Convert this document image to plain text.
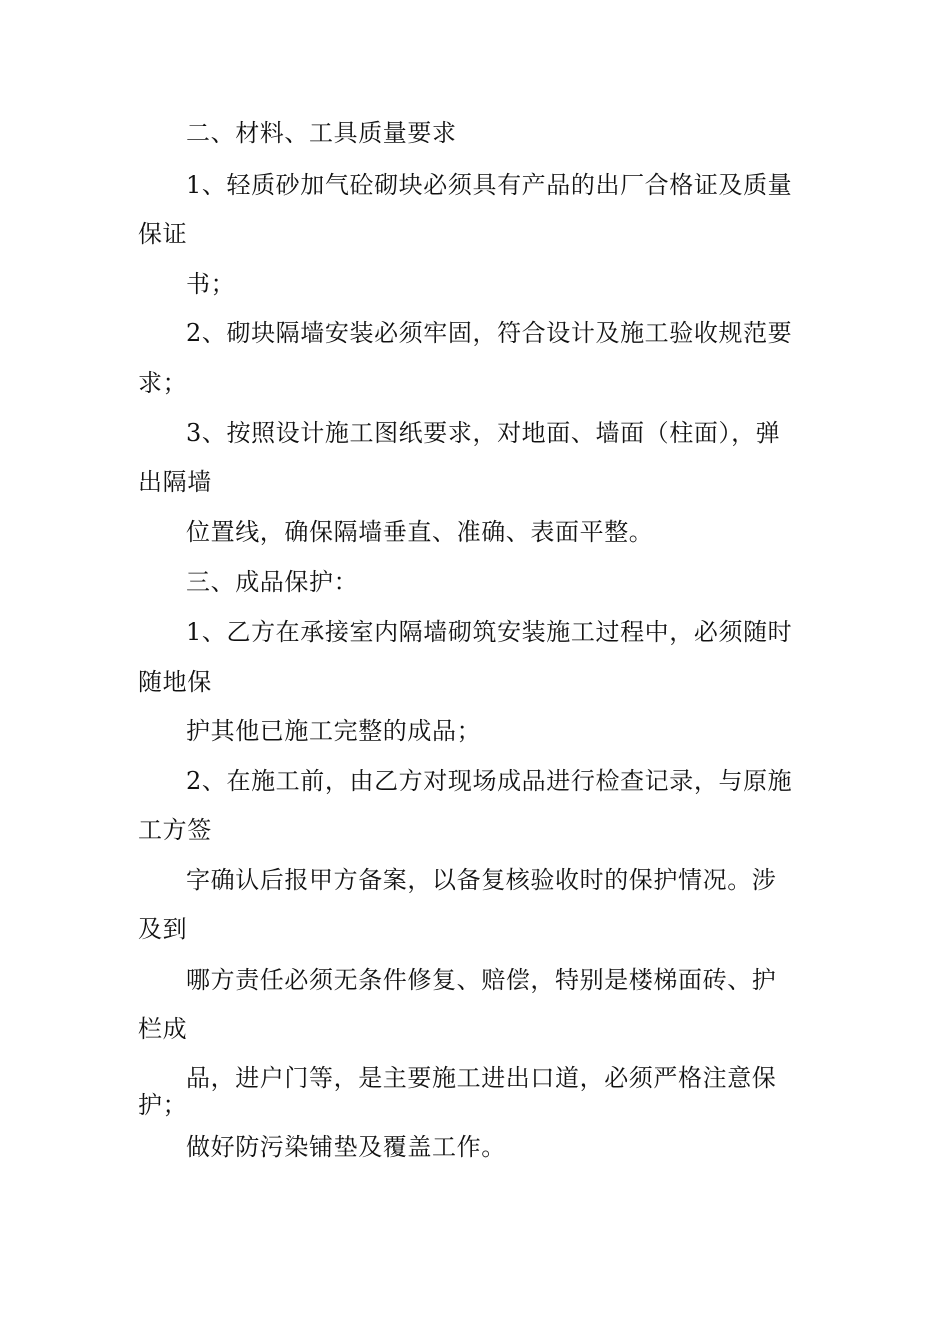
二、材料、工具质量要求
1、轻质砂加气砼砌块必须具有产品的出厂合格证及质量
保证
书；
2、砌块隔墙安装必须牢固，符合设计及施工验收规范要
求；
3、按照设计施工图纸要求，对地面、墙面（柱面），弹
出隔墙
位置线，确保隔墙垂直、准确、表面平整。
三、成品保护：
1、乙方在承接室内隔墙砌筑安装施工过程中，必须随时
随地保
护其他已施工完整的成品；
2、在施工前，由乙方对现场成品进行检查记录，与原施
工方签
字确认后报甲方备案，以备复核验收时的保护情况。涉
及到
哪方责任必须无条件修复、赔偿，特别是楼梯面砖、护
栏成
品，进户门等，是主要施工进出口道，必须严格注意保
护；
做好防污染铺垫及覆盖工作。
